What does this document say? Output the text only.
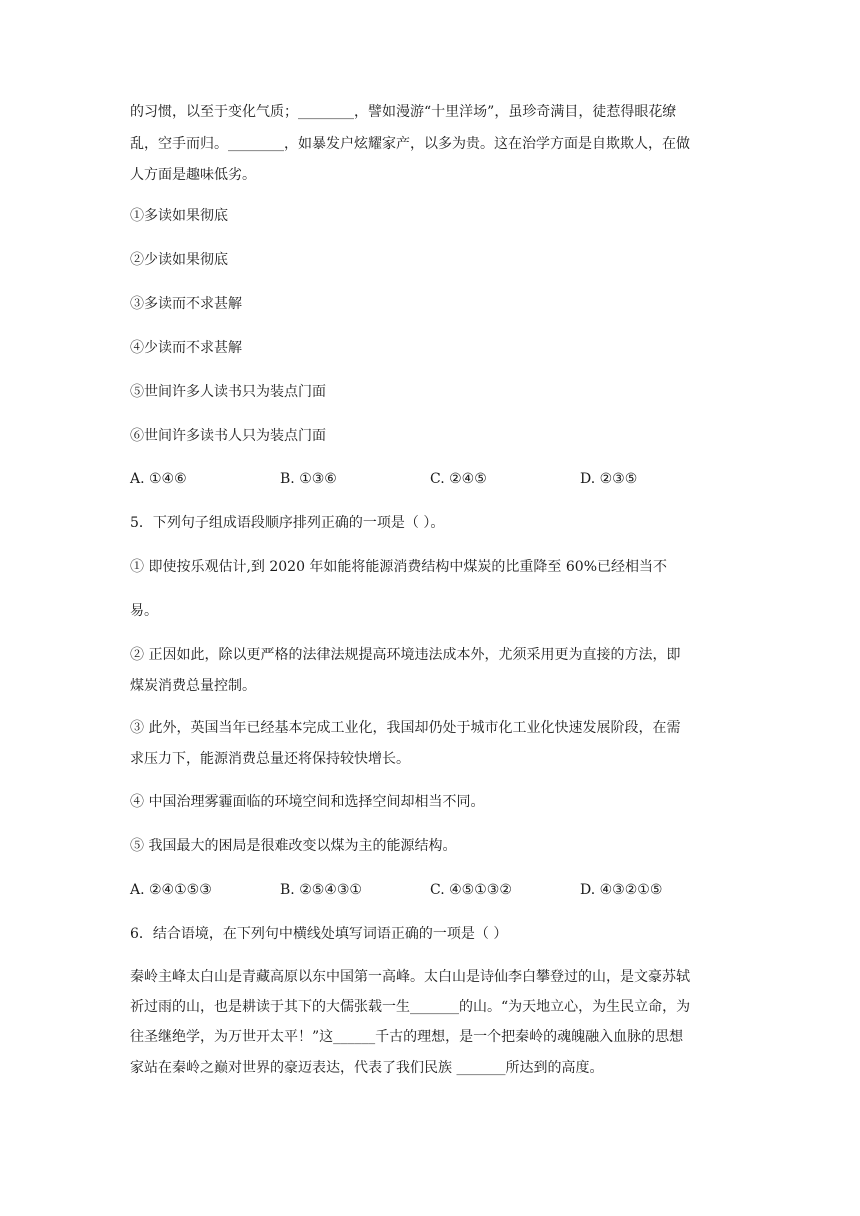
的习惯，以至于变化气质；________，譬如漫游“十里洋场”，虽珍奇满目，徒惹得眼花缭
乱，空手而归。________，如暴发户炫耀家产，以多为贵。这在治学方面是自欺欺人，在做
人方面是趣味低劣。
①多读如果彻底
②少读如果彻底
③多读而不求甚解
④少读而不求甚解
⑤世间许多人读书只为装点门面
⑥世间许多读书人只为装点门面
A. ①④⑥	B. ①③⑥	C. ②④⑤	D. ②③⑤
5．下列句子组成语段顺序排列正确的一项是（ ）。
① 即使按乐观估计,到 2020 年如能将能源消费结构中煤炭的比重降至 60%已经相当不
易。
② 正因如此，除以更严格的法律法规提高环境违法成本外，尤须采用更为直接的方法，即
煤炭消费总量控制。
③ 此外，英国当年已经基本完成工业化，我国却仍处于城市化工业化快速发展阶段，在需
求压力下，能源消费总量还将保持较快增长。
④ 中国治理雾霾面临的环境空间和选择空间却相当不同。
⑤ 我国最大的困局是很难改变以煤为主的能源结构。
A. ②④①⑤③	B. ②⑤④③①	C. ④⑤①③②	D. ④③②①⑤
6．结合语境，在下列句中横线处填写词语正确的一项是（ ）
秦岭主峰太白山是青藏高原以东中国第一高峰。太白山是诗仙李白攀登过的山，是文豪苏轼
祈过雨的山，也是耕读于其下的大儒张载一生_______的山。“为天地立心，为生民立命，为
往圣继绝学，为万世开太平！”这______千古的理想，是一个把秦岭的魂魄融入血脉的思想
家站在秦岭之巅对世界的豪迈表达，代表了我们民族 _______所达到的高度。
